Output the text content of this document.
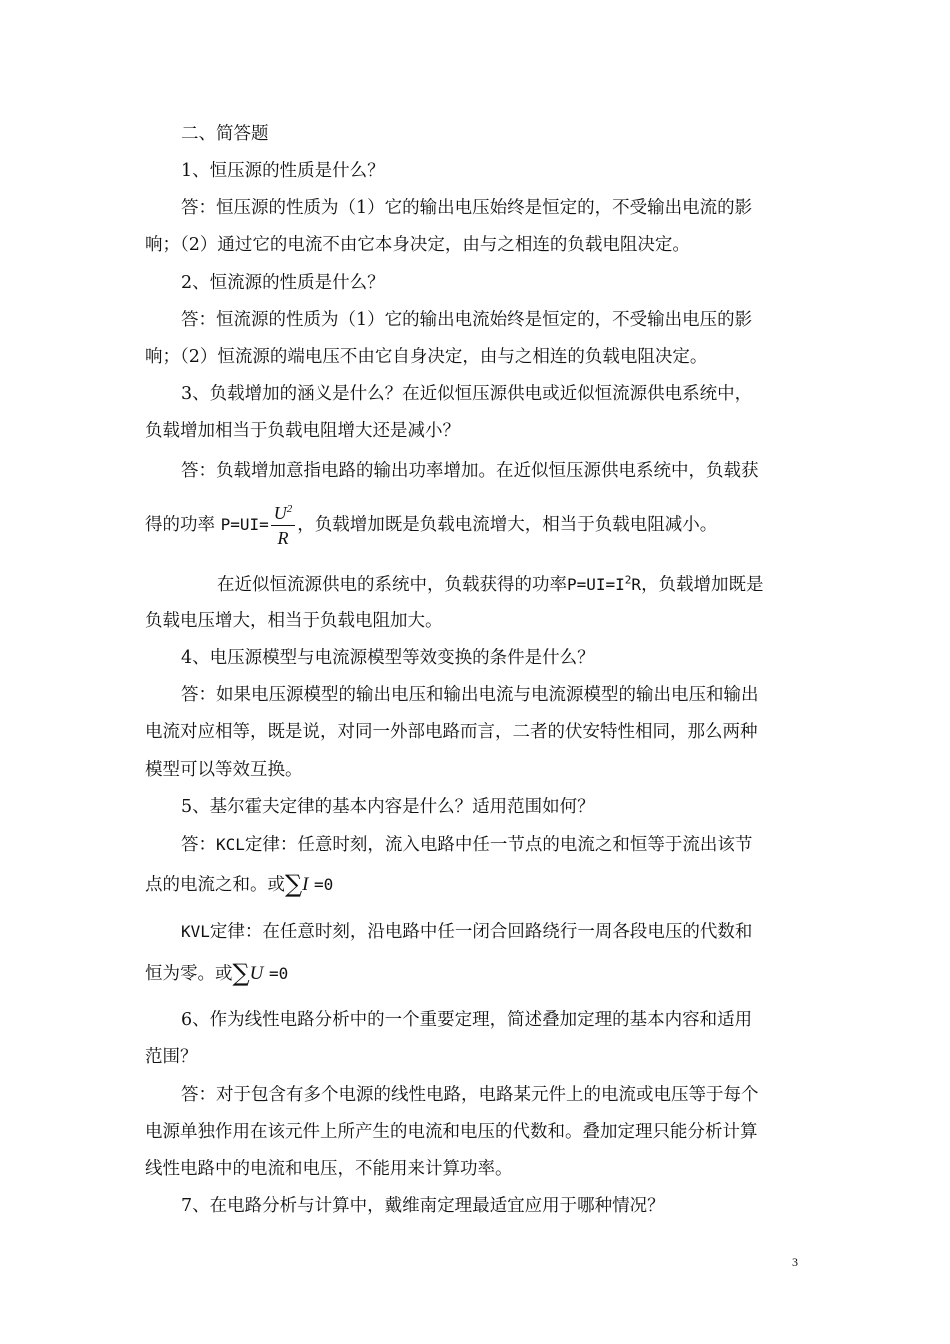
二、简答题

1、恒压源的性质是什么？

答：恒压源的性质为（1）它的输出电压始终是恒定的，不受输出电流的影

响；（2）通过它的电流不由它本身决定，由与之相连的负载电阻决定。

2、恒流源的性质是什么？

答：恒流源的性质为（1）它的输出电流始终是恒定的，不受输出电压的影

响；（2）恒流源的端电压不由它自身决定，由与之相连的负载电阻决定。

3、负载增加的涵义是什么？在近似恒压源供电或近似恒流源供电系统中，

负载增加相当于负载电阻增大还是减小？

答：负载增加意指电路的输出功率增加。在近似恒压源供电系统中，负载获

得的功率 $P=UI= \frac{U^2}{R}$ ，负载增加既是负载电流增大，相当于负载电阻减小。

在近似恒流源供电的系统中，负载获得的功率$P=UI=I^2R$，负载增加既是

负载电压增大，相当于负载电阻加大。

4、电压源模型与电流源模型等效变换的条件是什么？

答：如果电压源模型的输出电压和输出电流与电流源模型的输出电压和输出

电流对应相等，既是说，对同一外部电路而言，二者的伏安特性相同，那么两种

模型可以等效互换。

5、基尔霍夫定律的基本内容是什么？适用范围如何？

答：KCL定律：任意时刻，流入电路中任一节点的电流之和恒等于流出该节

点的电流之和。或∑I =0

KVL定律：在任意时刻，沿电路中任一闭合回路绕行一周各段电压的代数和

恒为零。或∑U =0

6、作为线性电路分析中的一个重要定理，简述叠加定理的基本内容和适用

范围？

答：对于包含有多个电源的线性电路，电路某元件上的电流或电压等于每个

电源单独作用在该元件上所产生的电流和电压的代数和。叠加定理只能分析计算

线性电路中的电流和电压，不能用来计算功率。

7、在电路分析与计算中，戴维南定理最适宜应用于哪种情况？

3
